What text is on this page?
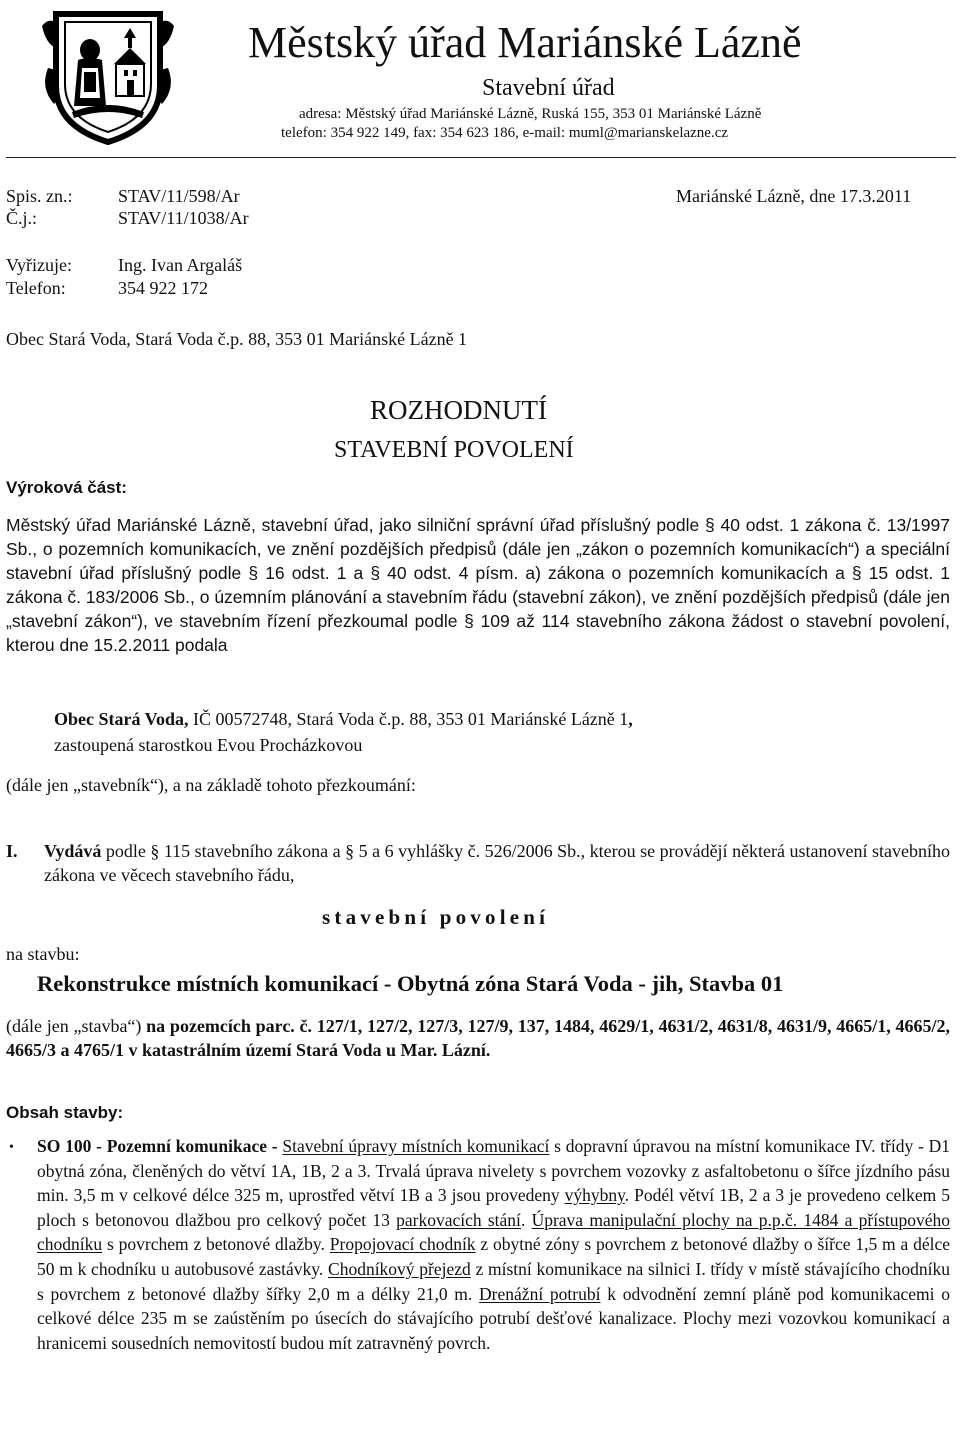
Městský úřad Mariánské Lázně
Stavební úřad
adresa: Městský úřad Mariánské Lázně, Ruská 155, 353 01 Mariánské Lázně
telefon: 354 922 149, fax: 354 623 186, e-mail: muml@marianskelazne.cz
Spis. zn.:	STAV/11/598/Ar	Mariánské Lázně, dne 17.3.2011
Č.j.:	STAV/11/1038/Ar
Vyřizuje:	Ing. Ivan Argaláš
Telefon:	354 922 172
Obec Stará Voda, Stará Voda č.p. 88, 353 01 Mariánské Lázně 1
ROZHODNUTÍ
STAVEBNÍ POVOLENÍ
Výroková část:

Městský úřad Mariánské Lázně, stavební úřad, jako silniční správní úřad příslušný podle § 40 odst. 1 zákona č. 13/1997 Sb., o pozemních komunikacích, ve znění pozdějších předpisů (dále jen „zákon o pozemních komunikacích“) a speciální stavební úřad příslušný podle § 16 odst. 1 a § 40 odst. 4 písm. a) zákona o pozemních komunikacích a § 15 odst. 1 zákona č. 183/2006 Sb., o územním plánování a stavebním řádu (stavební zákon), ve znění pozdějších předpisů (dále jen „stavební zákon“), ve stavebním řízení přezkoumal podle § 109 až 114 stavebního zákona žádost o stavební povolení, kterou dne 15.2.2011 podala

Obec Stará Voda, IČ 00572748, Stará Voda č.p. 88, 353 01 Mariánské Lázně 1,
zastoupená starostkou Evou Procházkovou
(dále jen „stavebník“), a na základě tohoto přezkoumání:
I. Vydává podle § 115 stavebního zákona a § 5 a 6 vyhlášky č. 526/2006 Sb., kterou se provádějí některá ustanovení stavebního zákona ve věcech stavebního řádu,
stavební povolení
na stavbu:
Rekonstrukce místních komunikací - Obytná zóna Stará Voda - jih, Stavba 01
(dále jen „stavba“) na pozemcích parc. č. 127/1, 127/2, 127/3, 127/9, 137, 1484, 4629/1, 4631/2, 4631/8, 4631/9, 4665/1, 4665/2, 4665/3 a 4765/1 v katastrálním území Stará Voda u Mar. Lázní.
Obsah stavby:
• SO 100 - Pozemní komunikace - Stavební úpravy místních komunikací s dopravní úpravou na místní komunikace IV. třídy - D1 obytná zóna, členěných do větví 1A, 1B, 2 a 3. Trvalá úprava nivelety s povrchem vozovky z asfaltobetonu o šířce jízdního pásu min. 3,5 m v celkové délce 325 m, uprostřed větví 1B a 3 jsou provedeny výhybny. Podél větví 1B, 2 a 3 je provedeno celkem 5 ploch s betonovou dlažbou pro celkový počet 13 parkovacích stání. Úprava manipulační plochy na p.p.č. 1484 a přístupového chodníku s povrchem z betonové dlažby. Propojovací chodník z obytné zóny s povrchem z betonové dlažby o šířce 1,5 m a délce 50 m k chodníku u autobusové zastávky. Chodníkový přejezd z místní komunikace na silnici I. třídy v místě stávajícího chodníku s povrchem z betonové dlažby šířky 2,0 m a délky 21,0 m. Drenážní potrubí k odvodnění zemní pláně pod komunikacemi o celkové délce 235 m se zaústěním po úsecích do stávajícího potrubí dešťové kanalizace. Plochy mezi vozovkou komunikací a hranicemi sousedních nemovitostí budou mít zatravněný povrch.
